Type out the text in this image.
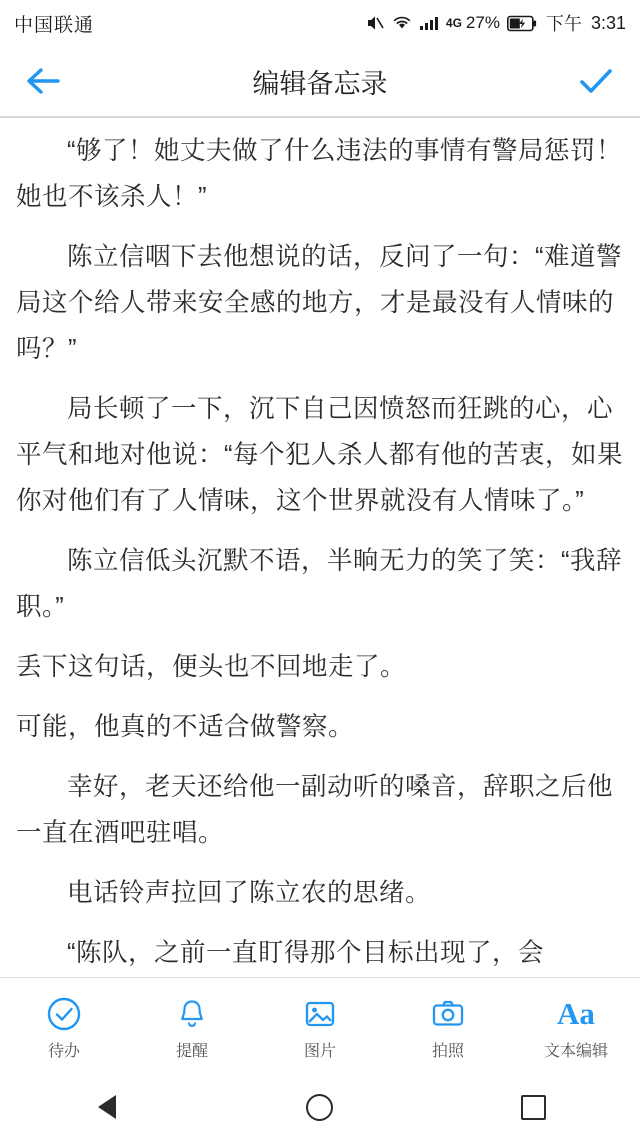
中国联通	4G 27%	下午 3:31
编辑备忘录

“够了！她丈夫做了什么违法的事情有警局惩罚！她也不该杀人！”

陈立信咽下去他想说的话，反问了一句：“难道警局这个给人带来安全感的地方，才是最没有人情味的吗？”

局长顿了一下，沉下自己因愤怒而狂跳的心，心平气和地对他说：“每个犯人杀人都有他的苦衷，如果你对他们有了人情味，这个世界就没有人情味了。”

陈立信低头沉默不语，半晌无力的笑了笑：“我辞职。”

丢下这句话，便头也不回地走了。

可能，他真的不适合做警察。

幸好，老天还给他一副动听的嗓音，辞职之后他一直在酒吧驻唱。

电话铃声拉回了陈立农的思绪。

“陈队，之前一直盯得那个目标出现了，会

待办	提醒	图片	拍照
Aa
文本编辑
